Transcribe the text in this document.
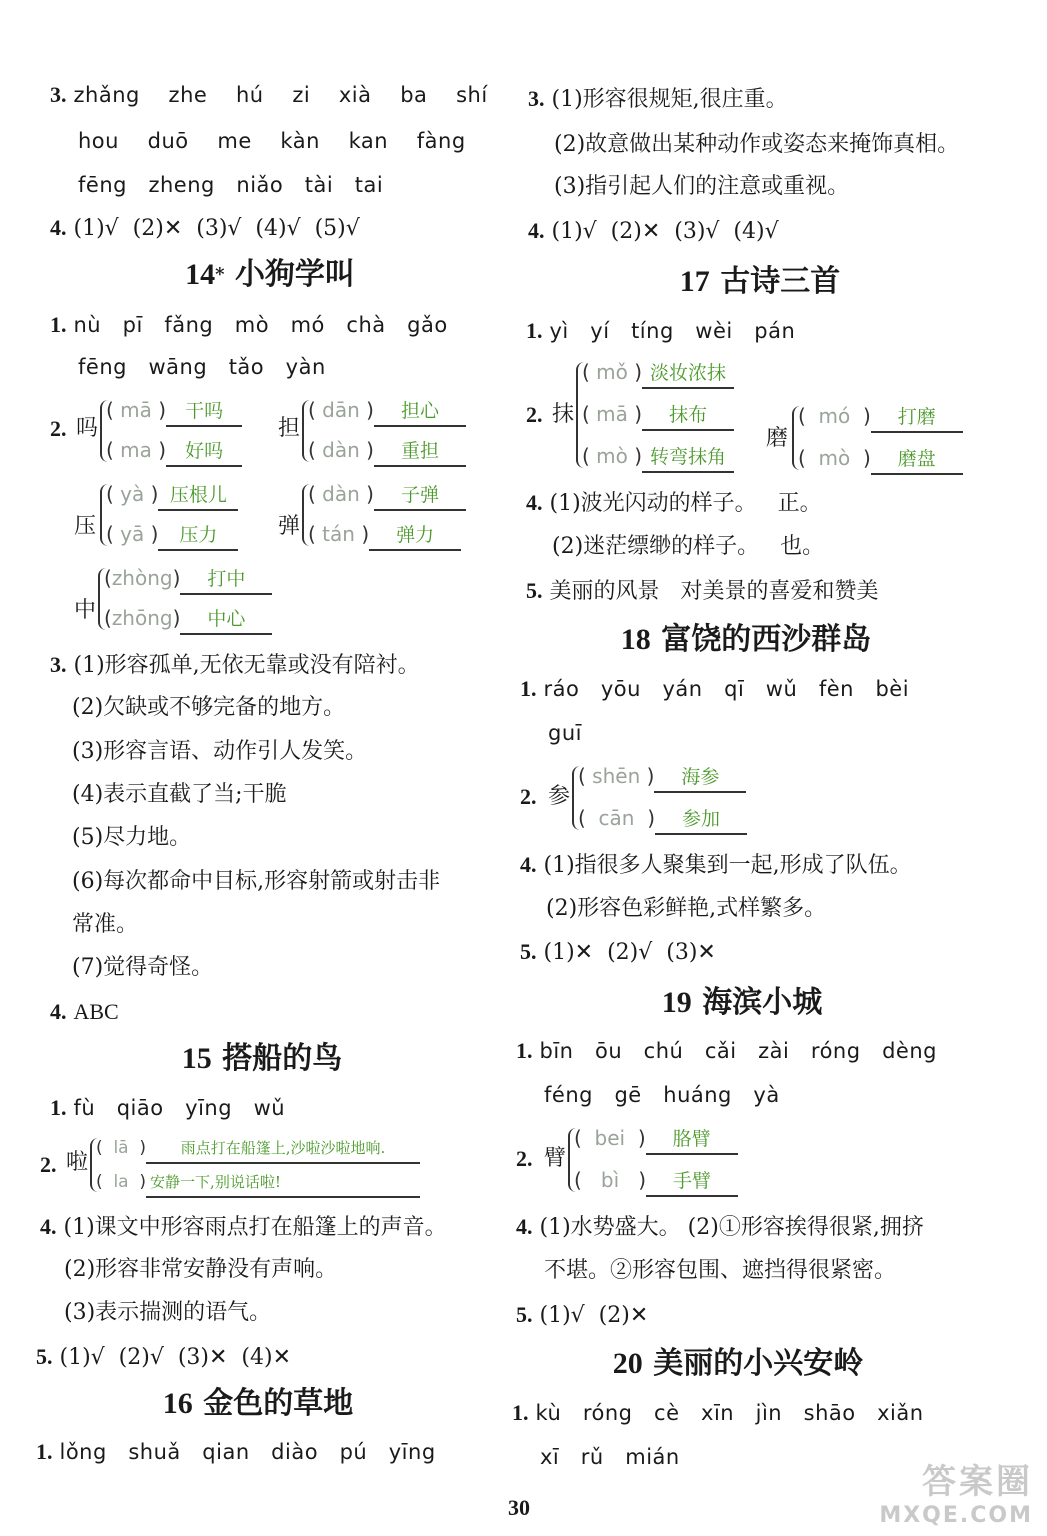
3. zhǎng    zhe    hú    zi    xià    ba    shí
hou    duō    me    kàn    kan    fàng
fēng   zheng   niǎo   tài   tai
4. (1)√  (2)✕  (3)√  (4)√  (5)√
14* 小狗学叫
1. nù   pī   fǎng   mò   mó   chà   gǎo
fēng   wāng   tǎo   yàn
2. 吗
( mā ) 干吗
( ma ) 好吗
担
( dān ) 担心
( dàn ) 重担
压
( yà ) 压根儿
( yā ) 压力	弹
( dàn ) 子弹
( tán ) 弹力
中
(zhòng) 打中
(zhōng) 中心
3. (1)形容孤单,无依无靠或没有陪衬。
(2)欠缺或不够完备的地方。
(3)形容言语、动作引人发笑。
(4)表示直截了当;干脆
(5)尽力地。
(6)每次都命中目标,形容射箭或射击非
常准。
(7)觉得奇怪。
4. ABC
15 搭船的鸟
1. fù   qiāo   yīng   wǔ
2. 啦
( lā ) 雨点打在船篷上,沙啦沙啦地响.
( la ) 安静一下,别说话啦!
4. (1)课文中形容雨点打在船篷上的声音。
(2)形容非常安静没有声响。
(3)表示揣测的语气。
5. (1)√  (2)√  (3)✕  (4)✕
16 金色的草地
1. lǒng   shuǎ   qian   diào   pú   yīng
3. (1)形容很规矩,很庄重。
(2)故意做出某种动作或姿态来掩饰真相。
(3)指引起人们的注意或重视。
4. (1)√  (2)✕  (3)√  (4)√
17 古诗三首
1. yì   yí   tíng   wèi   pán
2. 抹
( mǒ ) 淡妆浓抹
( mā ) 抹布
( mò ) 转弯抹角
磨
( mó ) 打磨
( mò ) 磨盘
4. (1)波光闪动的样子。   正。
(2)迷茫缥缈的样子。   也。
5. 美丽的风景   对美景的喜爱和赞美
18 富饶的西沙群岛
1. ráo   yōu   yán   qī   wǔ   fèn   bèi
guī
2. 参
( shēn ) 海参
( cān ) 参加
4. (1)指很多人聚集到一起,形成了队伍。
(2)形容色彩鲜艳,式样繁多。
5. (1)✕  (2)√  (3)✕
19 海滨小城
1. bīn   ōu   chú   cǎi   zài   róng   dèng
féng   gē   huáng   yà
2. 臂
( bei ) 胳臂
( bì ) 手臂
4. (1)水势盛大。 (2)①形容挨得很紧,拥挤
不堪。②形容包围、遮挡得很紧密。
5. (1)√  (2)✕
20 美丽的小兴安岭
1. kù   róng   cè   xīn   jìn   shāo   xiǎn
xī   rǔ   mián
30
答案圈
MXQE.COM
